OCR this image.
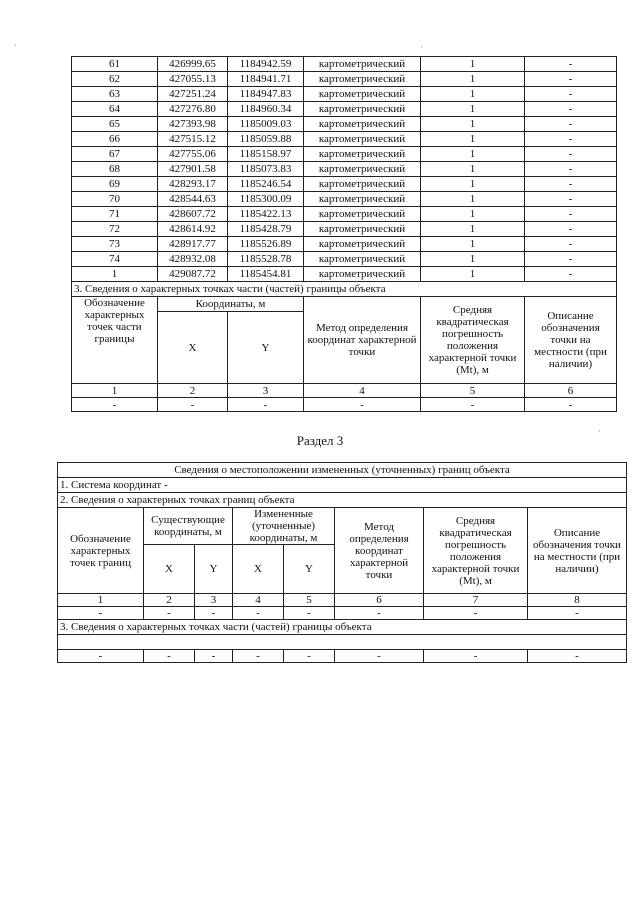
61	426999.65	1184942.59	картометрический	1	-
62	427055.13	1184941.71	картометрический	1	-
63	427251.24	1184947.83	картометрический	1	-
64	427276.80	1184960.34	картометрический	1	-
65	427393.98	1185009.03	картометрический	1	-
66	427515.12	1185059.88	картометрический	1	-
67	427755.06	1185158.97	картометрический	1	-
68	427901.58	1185073.83	картометрический	1	-
69	428293.17	1185246.54	картометрический	1	-
70	428544.63	1185300.09	картометрический	1	-
71	428607.72	1185422.13	картометрический	1	-
72	428614.92	1185428.79	картометрический	1	-
73	428917.77	1185526.89	картометрический	1	-
74	428932.08	1185528.78	картометрический	1	-
1	429087.72	1185454.81	картометрический	1	-
3. Сведения о характерных точках части (частей) границы объекта					
Обозначение характерных точек части границы	Координаты, м		Метод определения координат характерной точки	Средняя квадратическая погрешность положения характерной точки (Mt), м	Описание обозначения точки на местности (при наличии)
	X	Y			
1	2	3	4	5	6
-	-	-	-	-	-
Раздел 3
Сведения о местоположении измененных (уточненных) границ объекта							
1. Система координат -							
2. Сведения о характерных точках границ объекта							
Обозначение характерных точек границ	Существующие координаты, м		Измененные (уточненные) координаты, м		Метод определения координат характерной точки	Средняя квадратическая погрешность положения характерной точки (Mt), м	Описание обозначения точки на местности (при наличии)
	X	Y	X	Y			
1	2	3	4	5	6	7	8
-	-	-	-	-	-	-	-
3. Сведения о характерных точках части (частей) границы объекта							

-	-	-	-	-	-	-	-
·	·
·
